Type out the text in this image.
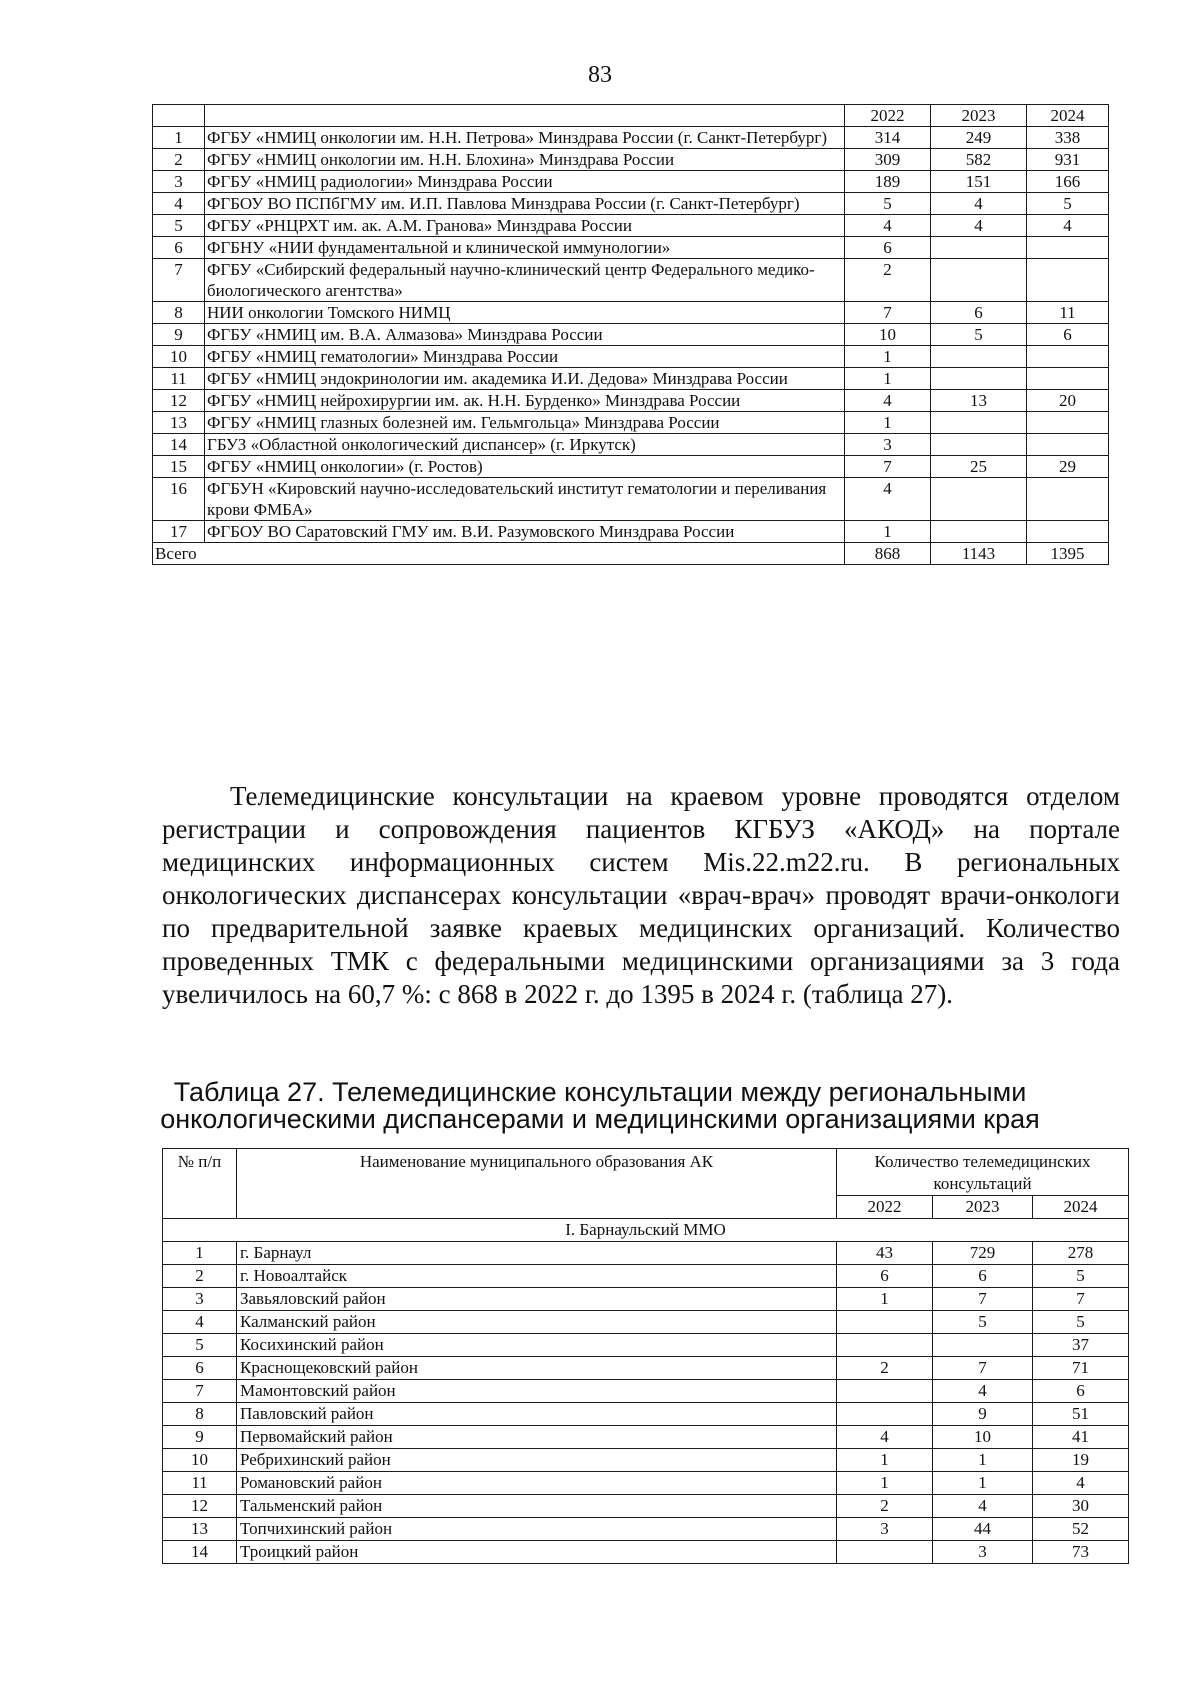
83
		2022	2023	2024
1	ФГБУ «НМИЦ онкологии им. Н.Н. Петрова» Минздрава России (г. Санкт-Петербург)	314	249	338
2	ФГБУ «НМИЦ онкологии им. Н.Н. Блохина» Минздрава России	309	582	931
3	ФГБУ «НМИЦ радиологии» Минздрава России	189	151	166
4	ФГБОУ ВО ПСПбГМУ им. И.П. Павлова Минздрава России (г. Санкт-Петербург)	5	4	5
5	ФГБУ «РНЦРХТ им. ак. А.М. Гранова» Минздрава России	4	4	4
6	ФГБНУ «НИИ фундаментальной и клинической иммунологии»	6		
7	ФГБУ «Сибирский федеральный научно-клинический центр Федерального медико-биологического агентства»	2		
8	НИИ онкологии Томского НИМЦ	7	6	11
9	ФГБУ «НМИЦ им. В.А. Алмазова» Минздрава России	10	5	6
10	ФГБУ «НМИЦ гематологии» Минздрава России	1		
11	ФГБУ «НМИЦ эндокринологии им. академика И.И. Дедова» Минздрава России	1		
12	ФГБУ «НМИЦ нейрохирургии им. ак. Н.Н. Бурденко» Минздрава России	4	13	20
13	ФГБУ «НМИЦ глазных болезней им. Гельмгольца» Минздрава России	1		
14	ГБУЗ «Областной онкологический диспансер» (г. Иркутск)	3		
15	ФГБУ «НМИЦ онкологии» (г. Ростов)	7	25	29
16	ФГБУН «Кировский научно-исследовательский институт гематологии и переливания крови ФМБА»	4		
17	ФГБОУ ВО Саратовский ГМУ им. В.И. Разумовского Минздрава России	1		
Всего		868	1143	1395

Телемедицинские консультации на краевом уровне проводятся отделом регистрации и сопровождения пациентов КГБУЗ «АКОД» на портале медицинских информационных систем Mis.22.m22.ru. В региональных онкологических диспансерах консультации «врач-врач» проводят врачи-онкологи по предварительной заявке краевых медицинских организаций. Количество проведенных ТМК с федеральными медицинскими организациями за 3 года увеличилось на 60,7 %: с 868 в 2022 г. до 1395 в 2024 г. (таблица 27).

Таблица 27. Телемедицинские консультации между региональными
онкологическими диспансерами и медицинскими организациями края
№ п/п	Наименование муниципального образования АК	Количество телемедицинских консультаций		
		2022	2023	2024
I. Барнаульский ММО				
1	г. Барнаул	43	729	278
2	г. Новоалтайск	6	6	5
3	Завьяловский район	1	7	7
4	Калманский район		5	5
5	Косихинский район			37
6	Краснощековский район	2	7	71
7	Мамонтовский район		4	6
8	Павловский район		9	51
9	Первомайский район	4	10	41
10	Ребрихинский район	1	1	19
11	Романовский район	1	1	4
12	Тальменский район	2	4	30
13	Топчихинский район	3	44	52
14	Троицкий район		3	73
